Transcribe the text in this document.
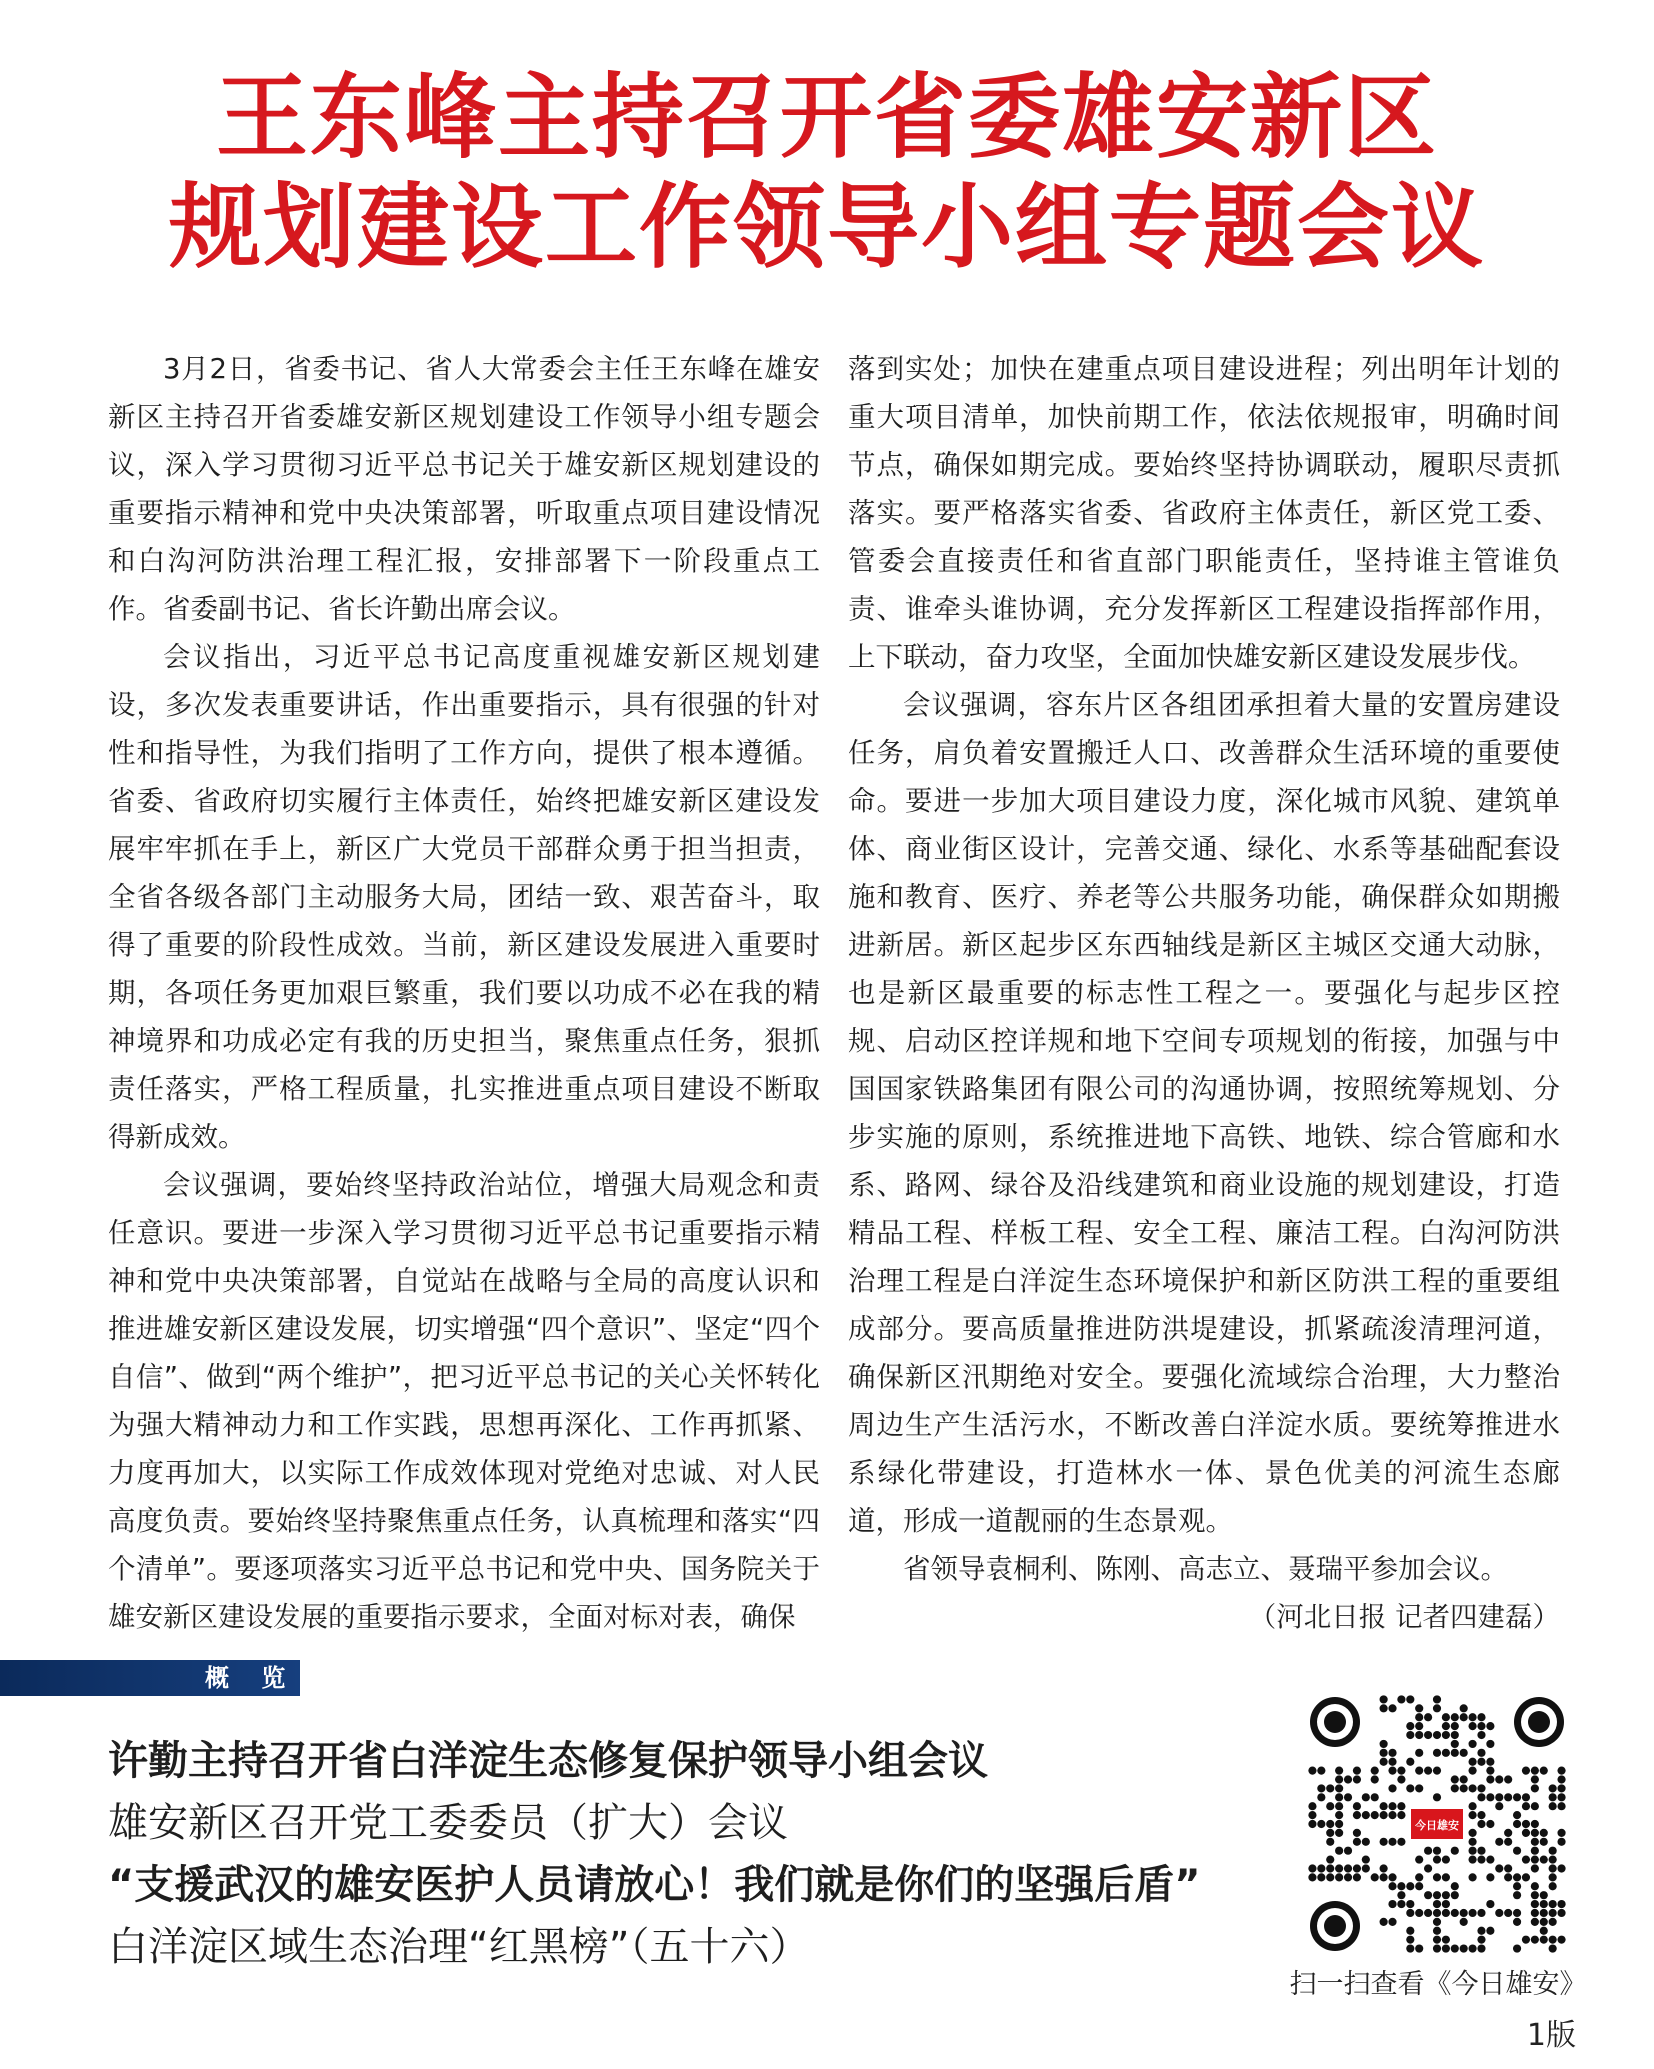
王东峰主持召开省委雄安新区
规划建设工作领导小组专题会议

3月2日，省委书记、省人大常委会主任王东峰在雄安新区主持召开省委雄安新区规划建设工作领导小组专题会议，深入学习贯彻习近平总书记关于雄安新区规划建设的重要指示精神和党中央决策部署，听取重点项目建设情况和白沟河防洪治理工程汇报，安排部署下一阶段重点工作。省委副书记、省长许勤出席会议。

会议指出，习近平总书记高度重视雄安新区规划建设，多次发表重要讲话，作出重要指示，具有很强的针对性和指导性，为我们指明了工作方向，提供了根本遵循。省委、省政府切实履行主体责任，始终把雄安新区建设发展牢牢抓在手上，新区广大党员干部群众勇于担当担责，全省各级各部门主动服务大局，团结一致、艰苦奋斗，取得了重要的阶段性成效。当前，新区建设发展进入重要时期，各项任务更加艰巨繁重，我们要以功成不必在我的精神境界和功成必定有我的历史担当，聚焦重点任务，狠抓责任落实，严格工程质量，扎实推进重点项目建设不断取得新成效。

会议强调，要始终坚持政治站位，增强大局观念和责任意识。要进一步深入学习贯彻习近平总书记重要指示精神和党中央决策部署，自觉站在战略与全局的高度认识和推进雄安新区建设发展，切实增强“四个意识”、坚定“四个自信”、做到“两个维护”，把习近平总书记的关心关怀转化为强大精神动力和工作实践，思想再深化、工作再抓紧、力度再加大，以实际工作成效体现对党绝对忠诚、对人民高度负责。要始终坚持聚焦重点任务，认真梳理和落实“四个清单”。要逐项落实习近平总书记和党中央、国务院关于雄安新区建设发展的重要指示要求，全面对标对表，确保

落到实处；加快在建重点项目建设进程；列出明年计划的重大项目清单，加快前期工作，依法依规报审，明确时间节点，确保如期完成。要始终坚持协调联动，履职尽责抓落实。要严格落实省委、省政府主体责任，新区党工委、管委会直接责任和省直部门职能责任，坚持谁主管谁负责、谁牵头谁协调，充分发挥新区工程建设指挥部作用，上下联动，奋力攻坚，全面加快雄安新区建设发展步伐。

会议强调，容东片区各组团承担着大量的安置房建设任务，肩负着安置搬迁人口、改善群众生活环境的重要使命。要进一步加大项目建设力度，深化城市风貌、建筑单体、商业街区设计，完善交通、绿化、水系等基础配套设施和教育、医疗、养老等公共服务功能，确保群众如期搬进新居。新区起步区东西轴线是新区主城区交通大动脉，也是新区最重要的标志性工程之一。要强化与起步区控规、启动区控详规和地下空间专项规划的衔接，加强与中国国家铁路集团有限公司的沟通协调，按照统筹规划、分步实施的原则，系统推进地下高铁、地铁、综合管廊和水系、路网、绿谷及沿线建筑和商业设施的规划建设，打造精品工程、样板工程、安全工程、廉洁工程。白沟河防洪治理工程是白洋淀生态环境保护和新区防洪工程的重要组成部分。要高质量推进防洪堤建设，抓紧疏浚清理河道，确保新区汛期绝对安全。要强化流域综合治理，大力整治周边生产生活污水，不断改善白洋淀水质。要统筹推进水系绿化带建设，打造林水一体、景色优美的河流生态廊道，形成一道靓丽的生态景观。

省领导袁桐利、陈刚、高志立、聂瑞平参加会议。

（河北日报 记者四建磊）

概 览
许勤主持召开省白洋淀生态修复保护领导小组会议
雄安新区召开党工委委员（扩大）会议
“支援武汉的雄安医护人员请放心！我们就是你们的坚强后盾”
白洋淀区域生态治理“红黑榜”（五十六）
今日雄安
扫一扫查看《今日雄安》
1版
